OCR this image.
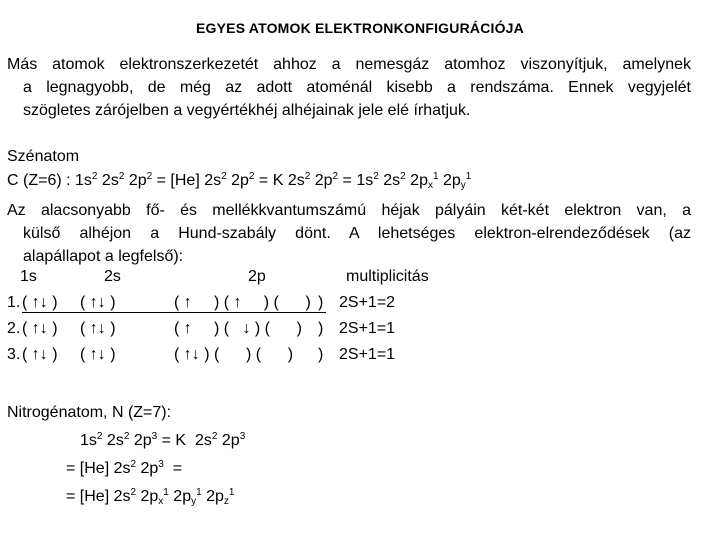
EGYES ATOMOK ELEKTRONKONFIGURÁCIÓJA
Más atomok elektronszerkezetét ahhoz a nemesgáz atomhoz viszonyítjuk, amelynek
a legnagyobb, de még az adott atoménál kisebb a rendszáma. Ennek vegyjelét
szögletes zárójelben a vegyértékhéj alhéjainak jele elé írhatjuk.
Szénatom
C (Z=6) : $1s^2$ $2s^2$ $2p^2 = [He]$ $2s^2$ $2p^2 = K$ $2s^2$ $2p^2 = 1s^2$ $2s^2$ $2p_x^1$ $2p_y^1$
Az alacsonyabb fő- és mellékkvantumszámú héjak pályáin két-két elektron van, a
külső alhéjon a Hund-szabály dönt. A lehetséges elektron-elrendeződések (az
alapállapot a legfelső):
1s	2s	2p	multiplicitás
1. ( ↑↓ )	( ↑↓ )	( ↑     ) ( ↑     ) (      ) ) 2S+1=2
2. ( ↑↓ ) ( ↑↓ )	( ↑     ) (   ↓ ) (      ) ) 2S+1=1
3. ( ↑↓ ) ( ↑↓ )	( ↑↓ ) (      ) (      ) ) 2S+1=1
Nitrogénatom, N (Z=7):
$1s^2$ $2s^2$ $2p^3 = K$  $2s^2$ $2p^3$
= [He] $2s^2$ $2p^3$  =
= [He] $2s^2$ $2p_x^1$ $2p_y^1$ $2p_z^1$
